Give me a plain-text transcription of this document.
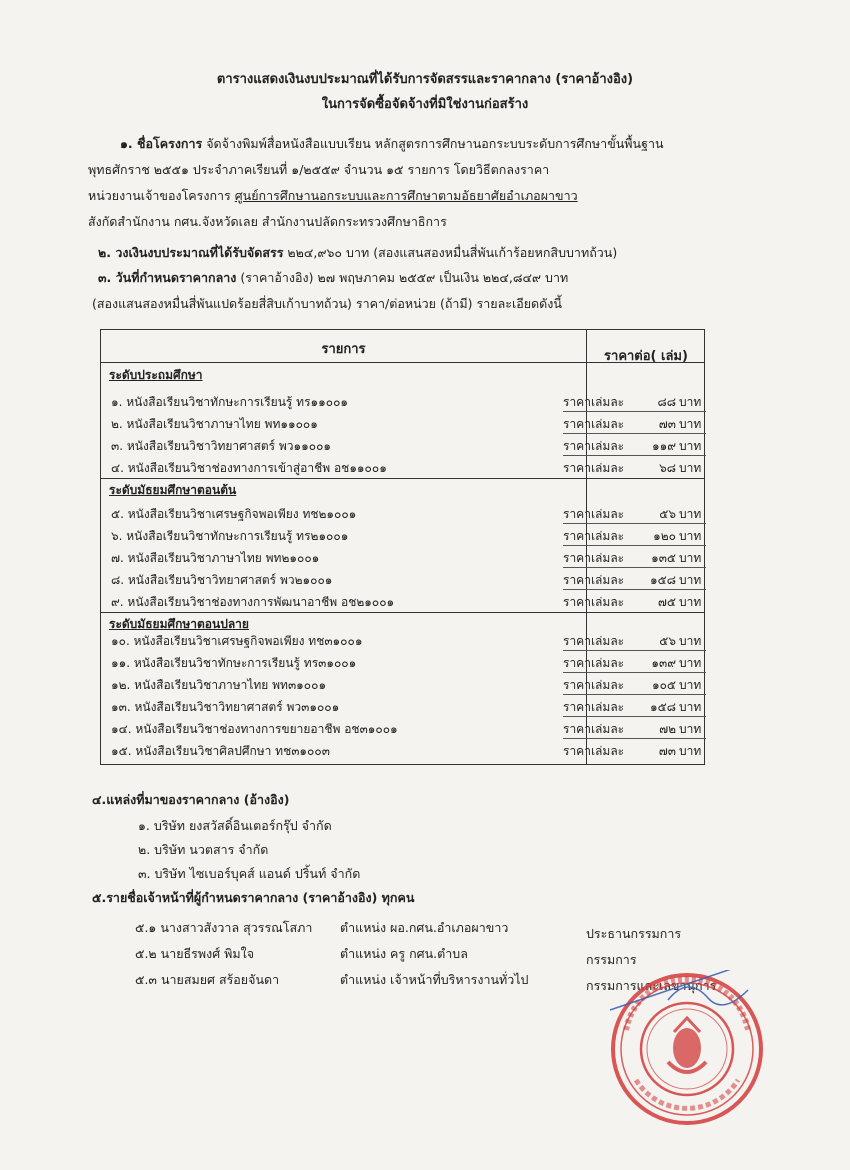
ตารางแสดงเงินงบประมาณที่ได้รับการจัดสรรและราคากลาง (ราคาอ้างอิง)
ในการจัดซื้อจัดจ้างที่มิใช่งานก่อสร้าง
๑. ชื่อโครงการ จัดจ้างพิมพ์สื่อหนังสือแบบเรียน หลักสูตรการศึกษานอกระบบระดับการศึกษาขั้นพื้นฐาน
พุทธศักราช ๒๕๕๑ ประจำภาคเรียนที่ ๑/๒๕๕๙ จำนวน ๑๕ รายการ โดยวิธีตกลงราคา
หน่วยงานเจ้าของโครงการ ศูนย์การศึกษานอกระบบและการศึกษาตามอัธยาศัยอำเภอผาขาว
สังกัดสำนักงาน กศน.จังหวัดเลย สำนักงานปลัดกระทรวงศึกษาธิการ
๒. วงเงินงบประมาณที่ได้รับจัดสรร ๒๒๔,๙๖๐ บาท (สองแสนสองหมื่นสี่พันเก้าร้อยหกสิบบาทถ้วน)
๓. วันที่กำหนดราคากลาง (ราคาอ้างอิง) ๒๗ พฤษภาคม ๒๕๕๙ เป็นเงิน ๒๒๔,๘๔๙ บาท
(สองแสนสองหมื่นสี่พันแปดร้อยสี่สิบเก้าบาทถ้วน) ราคา/ต่อหน่วย (ถ้ามี) รายละเอียดดังนี้
รายการ	ราคาต่อ( เล่ม)
ระดับประถมศึกษา
๑. หนังสือเรียนวิชาทักษะการเรียนรู้ ทร๑๑๐๐๑	ราคาเล่มละ	๘๘ บาท
๒. หนังสือเรียนวิชาภาษาไทย พท๑๑๐๐๑	ราคาเล่มละ	๗๓ บาท
๓. หนังสือเรียนวิชาวิทยาศาสตร์ พว๑๑๐๐๑	ราคาเล่มละ	๑๑๙ บาท
๔. หนังสือเรียนวิชาช่องทางการเข้าสู่อาชีพ อช๑๑๐๐๑	ราคาเล่มละ	๖๘ บาท
ระดับมัธยมศึกษาตอนต้น
๕. หนังสือเรียนวิชาเศรษฐกิจพอเพียง ทช๒๑๐๐๑	ราคาเล่มละ	๕๖ บาท
๖. หนังสือเรียนวิชาทักษะการเรียนรู้ ทร๒๑๐๐๑	ราคาเล่มละ	๑๒๐ บาท
๗. หนังสือเรียนวิชาภาษาไทย พท๒๑๐๐๑	ราคาเล่มละ	๑๓๕ บาท
๘. หนังสือเรียนวิชาวิทยาศาสตร์ พว๒๑๐๐๑	ราคาเล่มละ	๑๕๘ บาท
๙. หนังสือเรียนวิชาช่องทางการพัฒนาอาชีพ อช๒๑๐๐๑	ราคาเล่มละ	๗๕ บาท
ระดับมัธยมศึกษาตอนปลาย
๑๐. หนังสือเรียนวิชาเศรษฐกิจพอเพียง ทช๓๑๐๐๑	ราคาเล่มละ	๕๖ บาท
๑๑. หนังสือเรียนวิชาทักษะการเรียนรู้ ทร๓๑๐๐๑	ราคาเล่มละ	๑๓๙ บาท
๑๒. หนังสือเรียนวิชาภาษาไทย พท๓๑๐๐๑	ราคาเล่มละ	๑๐๕ บาท
๑๓. หนังสือเรียนวิชาวิทยาศาสตร์ พว๓๑๐๐๑	ราคาเล่มละ	๑๕๘ บาท
๑๔. หนังสือเรียนวิชาช่องทางการขยายอาชีพ อช๓๑๐๐๑	ราคาเล่มละ	๗๒ บาท
๑๕. หนังสือเรียนวิชาศิลปศึกษา ทช๓๑๐๐๓	ราคาเล่มละ	๗๓ บาท
๔.แหล่งที่มาของราคากลาง (อ้างอิง)
๑. บริษัท ยงสวัสดิ์อินเตอร์กรุ๊ป จำกัด
๒. บริษัท นวตสาร จำกัด
๓. บริษัท ไซเบอร์บุคส์ แอนด์ ปริ้นท์ จำกัด
๕.รายชื่อเจ้าหน้าที่ผู้กำหนดราคากลาง (ราคาอ้างอิง) ทุกคน
๕.๑ นางสาวสังวาล สุวรรณโสภา ตำแหน่ง ผอ.กศน.อำเภอผาขาว	ประธานกรรมการ
๕.๒ นายธีรพงศ์ พิมใจ	ตำแหน่ง ครู กศน.ตำบล	กรรมการ
๕.๓ นายสมยศ สร้อยจันดา	ตำแหน่ง เจ้าหน้าที่บริหารงานทั่วไป	กรรมการและเลขานุการ
